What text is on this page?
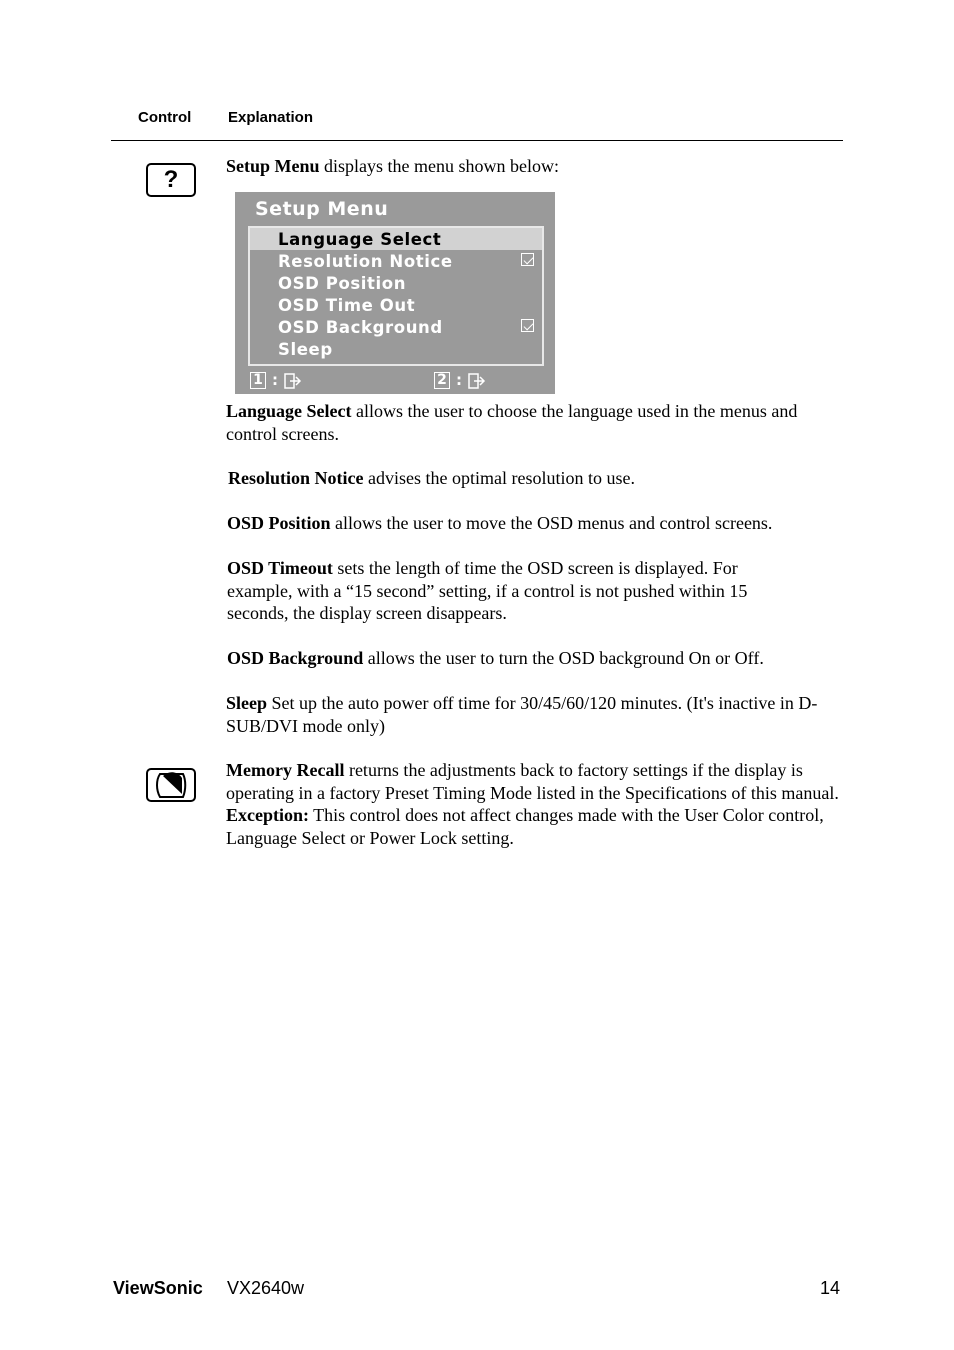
Control Explanation
?	Setup Menu displays the menu shown below:
Setup Menu
Language Select
Resolution Notice
OSD Position
OSD Time Out
OSD Background
Sleep
1 :	2 :
Language Select allows the user to choose the language used in the menus and control screens.
Resolution Notice advises the optimal resolution to use.
OSD Position allows the user to move the OSD menus and control screens.
OSD Timeout sets the length of time the OSD screen is displayed. For example, with a “15 second” setting, if a control is not pushed within 15 seconds, the display screen disappears.
OSD Background allows the user to turn the OSD background On or Off.
Sleep Set up the auto power off time for 30/45/60/120 minutes. (It's inactive in D-SUB/DVI mode only)
Memory Recall returns the adjustments back to factory settings if the display is operating in a factory Preset Timing Mode listed in the Specifications of this manual.
Exception: This control does not affect changes made with the User Color control, Language Select or Power Lock setting.
ViewSonic VX2640w	14
